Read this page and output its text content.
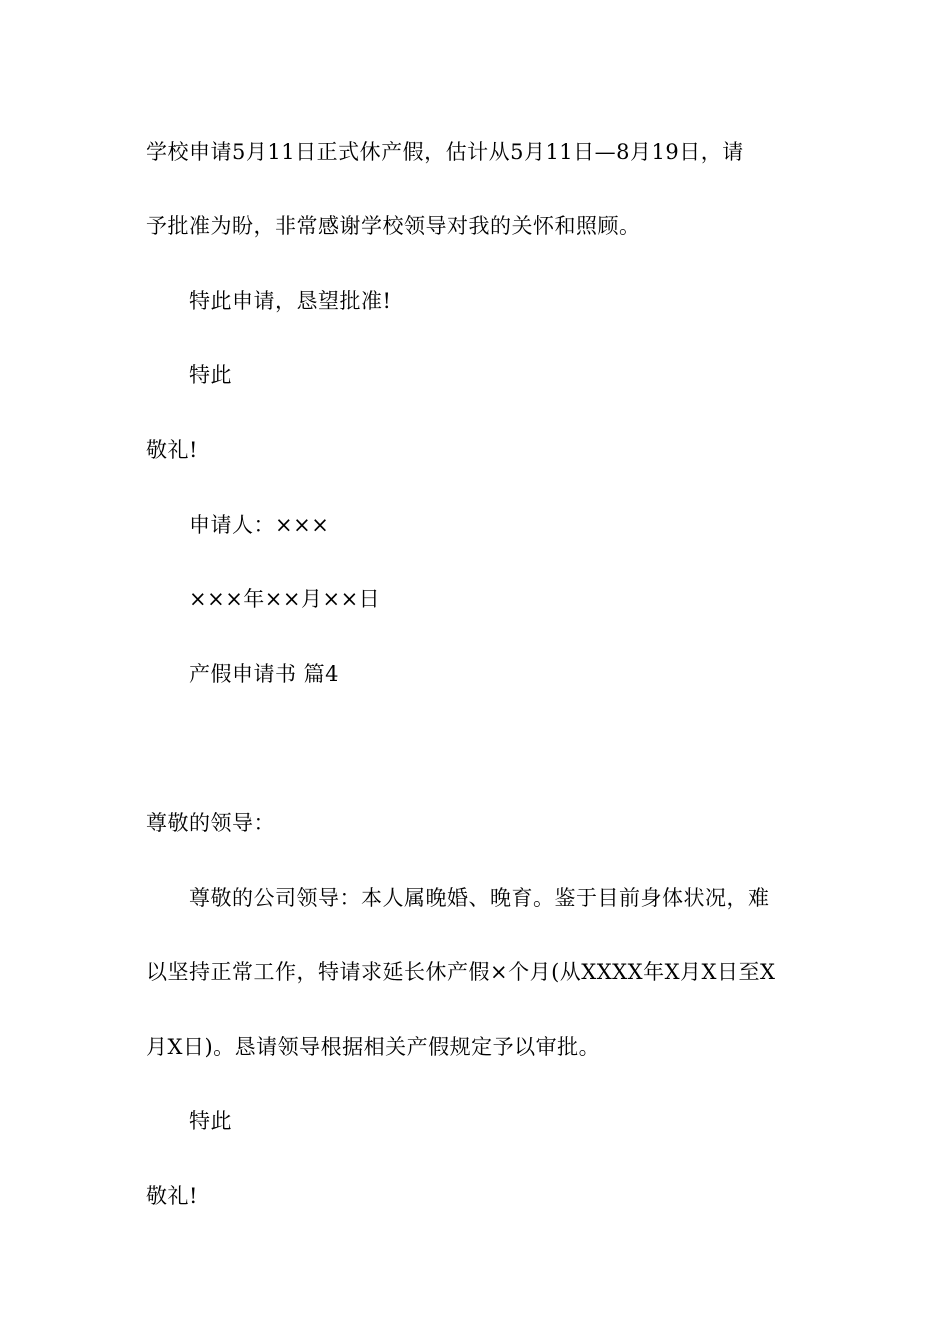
学校申请5月11日正式休产假，估计从5月11日—8月19日，请
予批准为盼，非常感谢学校领导对我的关怀和照顾。
特此申请，恳望批准!
特此
敬礼!
申请人：×××
×××年××月××日
产假申请书 篇4
尊敬的领导：
尊敬的公司领导：本人属晚婚、晚育。鉴于目前身体状况，难
以坚持正常工作，特请求延长休产假×个月(从XXXX年X月X日至X
月X日)。恳请领导根据相关产假规定予以审批。
特此
敬礼!
